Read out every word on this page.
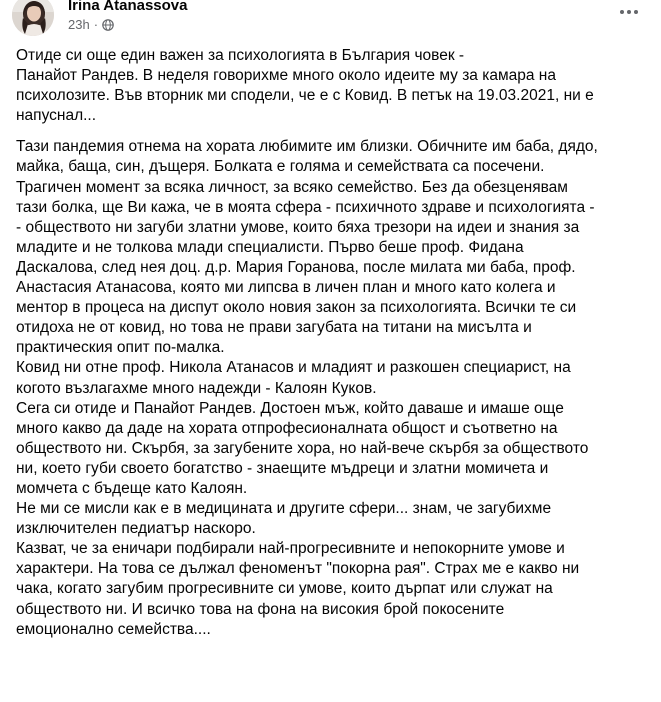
Irina Atanassova
23h ·
Отиде си още един важен за психологията в България човек -
Панайот Рандев. В неделя говорихме много около идеите му за камара на
психолозите. Във вторник ми сподели, че е с Ковид. В петък на 19.03.2021, ни е
напуснал...
Тази пандемия отнема на хората любимите им близки. Обичните им баба, дядо,
майка, баща, син, дъщеря. Болката е голяма и семействата са посечени.
Трагичен момент за всяка личност, за всяко семейство. Без да обезценявам
тази болка, ще Ви кажа, че в моята сфера - психичното здраве и психологията -
- обществото ни загуби златни умове, които бяха трезори на идеи и знания за
младите и не толкова млади специалисти. Първо беше проф. Фидана
Даскалова, след нея доц. д.р. Мария Горанова, после милата ми баба, проф.
Анастасия Атанасова, която ми липсва в личен план и много като колега и
ментор в процеса на диспут около новия закон за психологията. Всички те си
отидоха не от ковид, но това не прави загубата на титани на мисълта и
практическия опит по-малка.
Ковид ни отне проф. Никола Атанасов и младият и разкошен специарист, на
когото възлагахме много надежди - Калоян Куков.
Сега си отиде и Панайот Рандев. Достоен мъж, който даваше и имаше още
много какво да даде на хората отпрофесионалната общост и съответно на
обществото ни. Скърбя, за загубените хора, но най-вече скърбя за обществото
ни, което губи своето богатство - знаещите мъдреци и златни момичета и
момчета с бъдеще като Калоян.
Не ми се мисли как е в медицината и другите сфери... знам, че загубихме
изключителен педиатър наскоро.
Казват, че за еничари подбирали най-прогресивните и непокорните умове и
характери. На това се дължал феноменът "покорна рая". Страх ме е какво ни
чака, когато загубим прогресивните си умове, които дърпат или служат на
обществото ни. И всичко това на фона на високия брой покосените
емоционално семейства....
